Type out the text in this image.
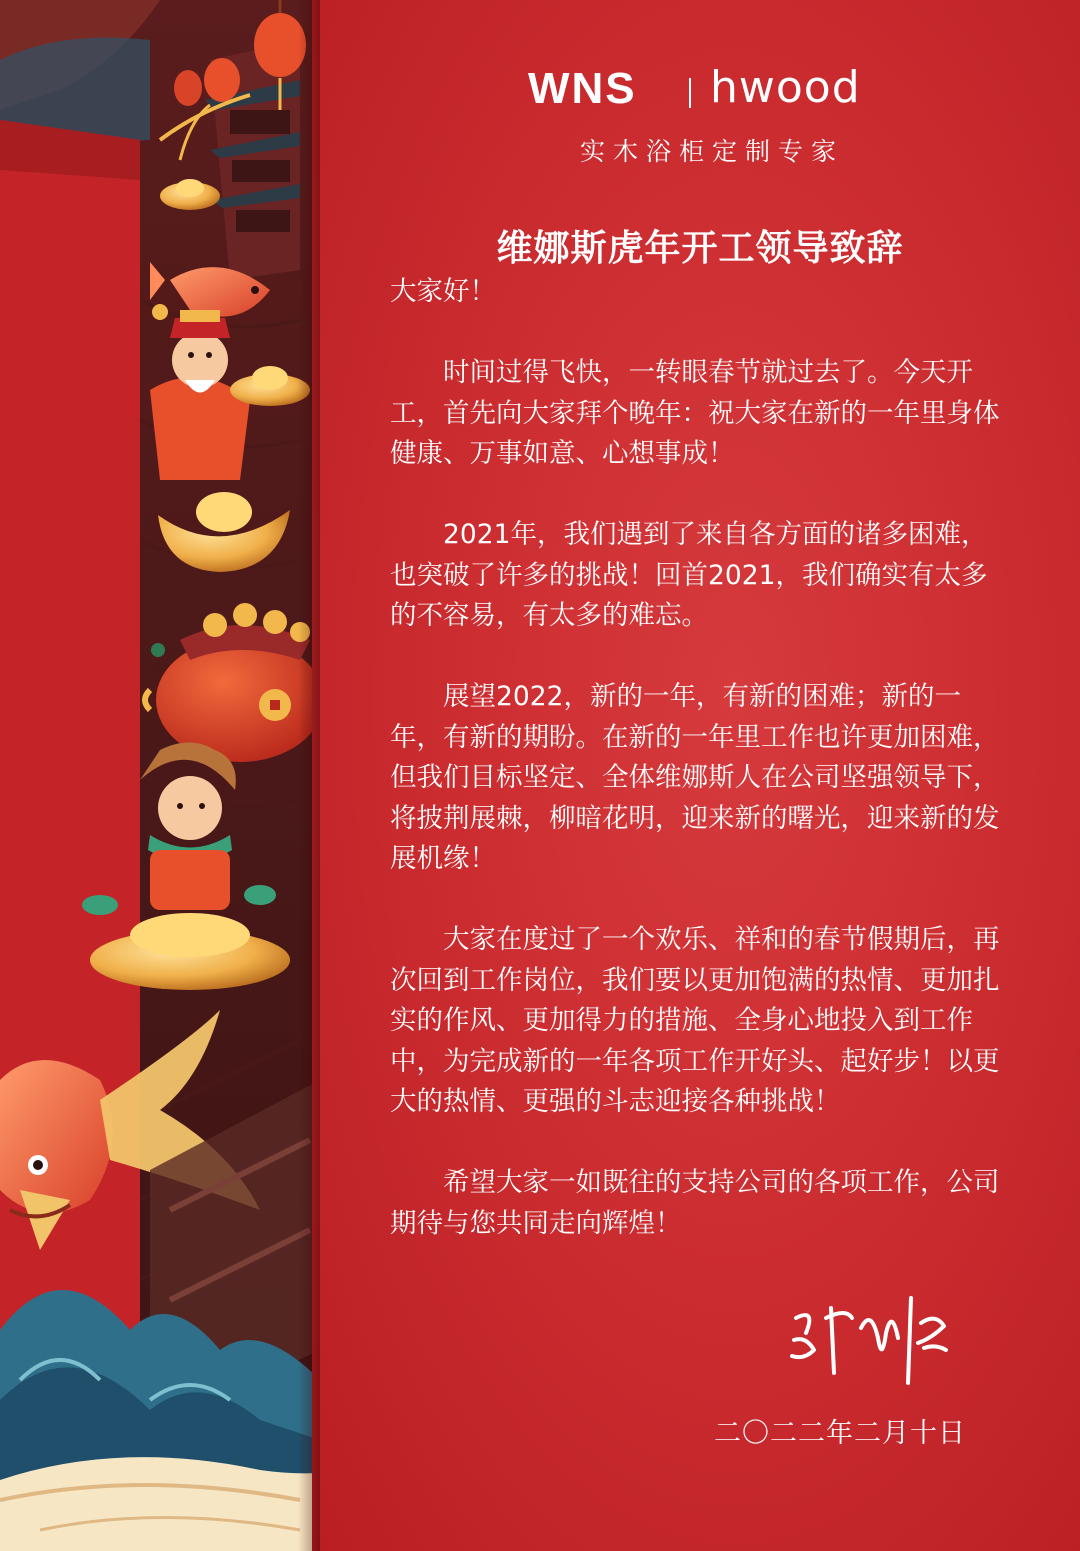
WNS hwood
实木浴柜定制专家
维娜斯虎年开工领导致辞

大家好！

时间过得飞快，一转眼春节就过去了。今天开工，首先向大家拜个晚年：祝大家在新的一年里身体健康、万事如意、心想事成！

2021年，我们遇到了来自各方面的诸多困难，也突破了许多的挑战！回首2021，我们确实有太多的不容易，有太多的难忘。

展望2022，新的一年，有新的困难；新的一年，有新的期盼。在新的一年里工作也许更加困难，但我们目标坚定、全体维娜斯人在公司坚强领导下，将披荆展棘，柳暗花明，迎来新的曙光，迎来新的发展机缘！

大家在度过了一个欢乐、祥和的春节假期后，再次回到工作岗位，我们要以更加饱满的热情、更加扎实的作风、更加得力的措施、全身心地投入到工作中，为完成新的一年各项工作开好头、起好步！以更大的热情、更强的斗志迎接各种挑战！

希望大家一如既往的支持公司的各项工作，公司期待与您共同走向辉煌！

二〇二二年二月十日
